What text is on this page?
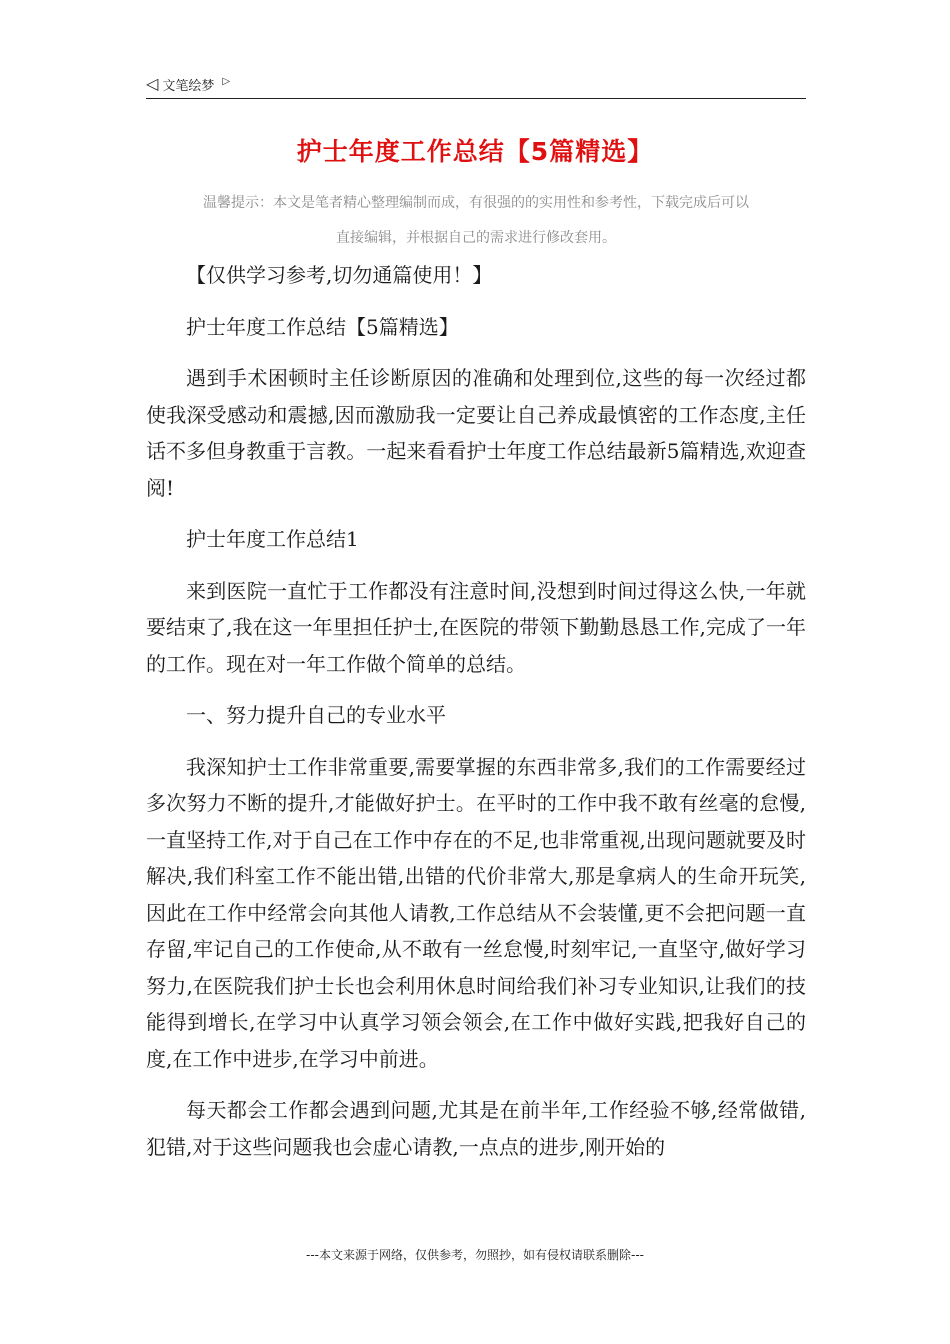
◁ 文笔绘梦 ▷
护士年度工作总结【5篇精选】
温馨提示：本文是笔者精心整理编制而成，有很强的的实用性和参考性，下载完成后可以
直接编辑，并根据自己的需求进行修改套用。

【仅供学习参考,切勿通篇使用！】

护士年度工作总结【5篇精选】

遇到手术困顿时主任诊断原因的准确和处理到位,这些的每一次经过都使我深受感动和震撼,因而激励我一定要让自己养成最慎密的工作态度,主任话不多但身教重于言教。一起来看看护士年度工作总结最新5篇精选,欢迎查阅!

护士年度工作总结1

来到医院一直忙于工作都没有注意时间,没想到时间过得这么快,一年就要结束了,我在这一年里担任护士,在医院的带领下勤勤恳恳工作,完成了一年的工作。现在对一年工作做个简单的总结。

一、努力提升自己的专业水平

我深知护士工作非常重要,需要掌握的东西非常多,我们的工作需要经过多次努力不断的提升,才能做好护士。在平时的工作中我不敢有丝毫的怠慢,一直坚持工作,对于自己在工作中存在的不足,也非常重视,出现问题就要及时解决,我们科室工作不能出错,出错的代价非常大,那是拿病人的生命开玩笑,因此在工作中经常会向其他人请教,工作总结从不会装懂,更不会把问题一直存留,牢记自己的工作使命,从不敢有一丝怠慢,时刻牢记,一直坚守,做好学习努力,在医院我们护士长也会利用休息时间给我们补习专业知识,让我们的技能得到增长,在学习中认真学习领会领会,在工作中做好实践,把我好自己的度,在工作中进步,在学习中前进。

每天都会工作都会遇到问题,尤其是在前半年,工作经验不够,经常做错,犯错,对于这些问题我也会虚心请教,一点点的进步,刚开始的

---本文来源于网络，仅供参考，勿照抄，如有侵权请联系删除---
